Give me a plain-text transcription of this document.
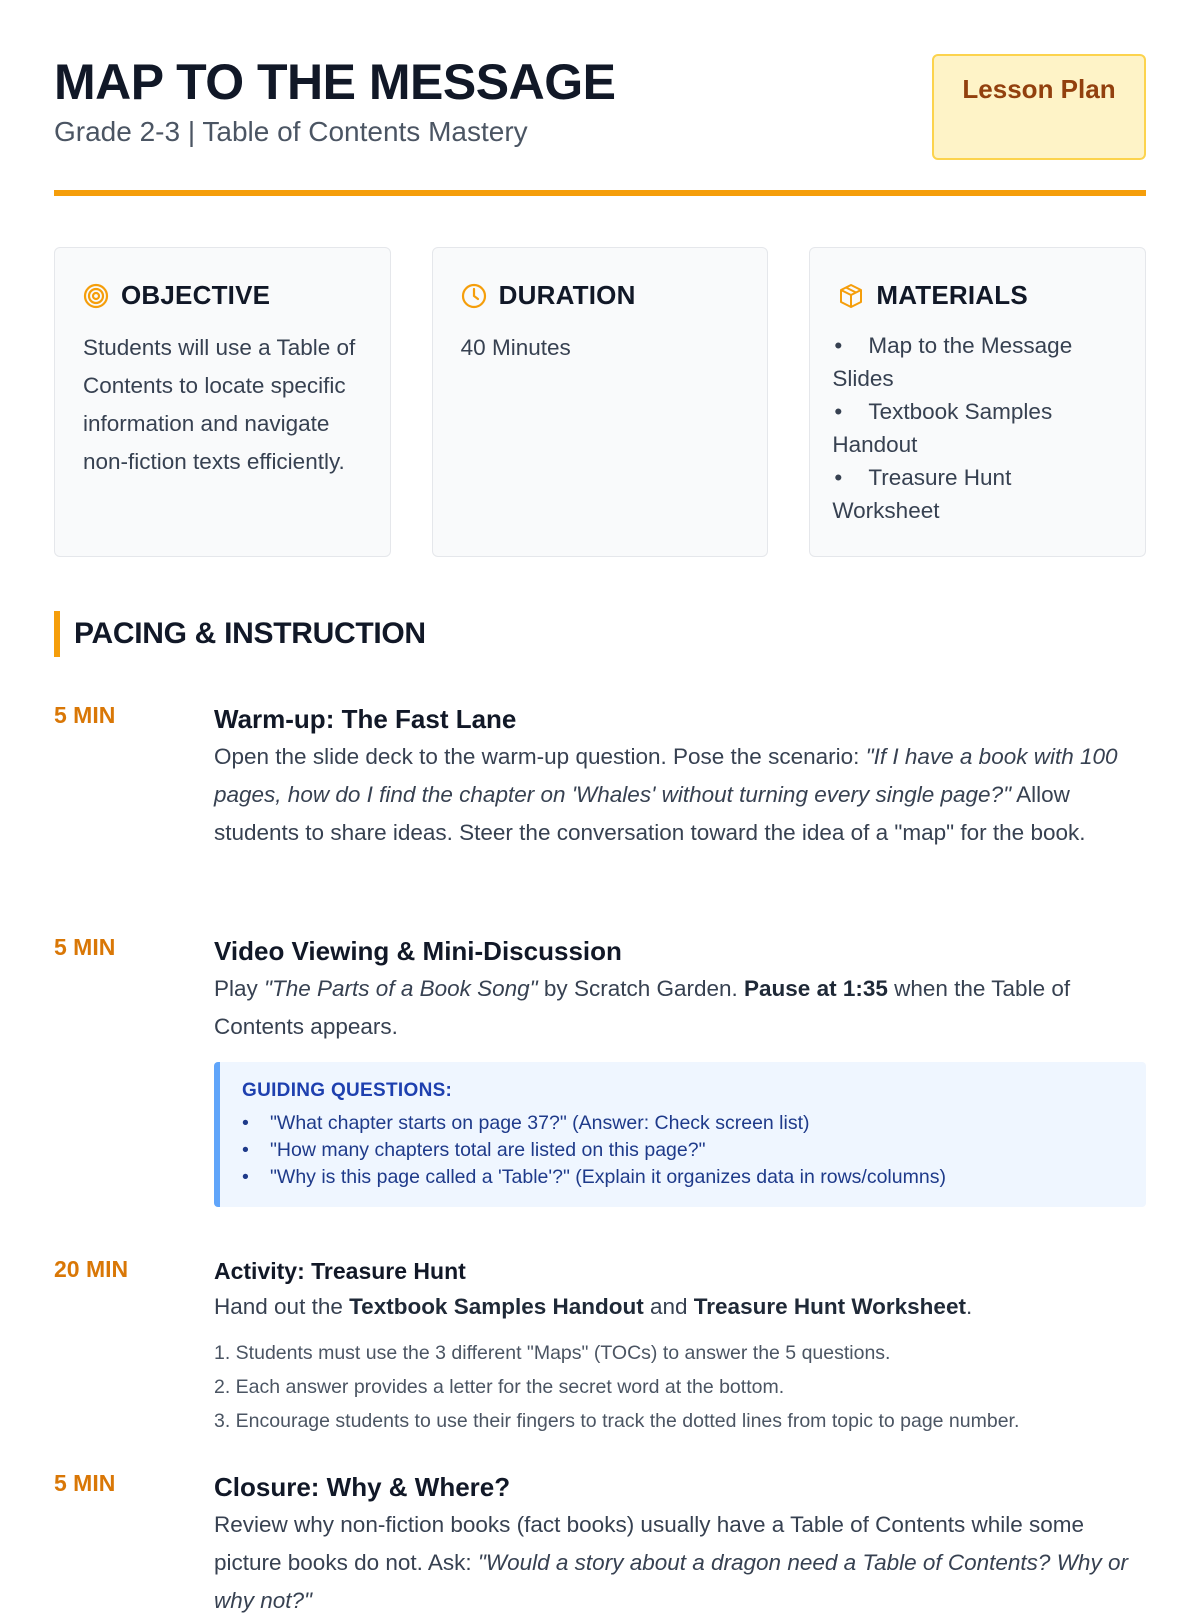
MAP TO THE MESSAGE
Grade 2-3 | Table of Contents Mastery
Lesson Plan
OBJECTIVE
Students will use a Table of Contents to locate specific information and navigate non-fiction texts efficiently.
DURATION
40 Minutes
MATERIALS
• Map to the Message Slides
• Textbook Samples Handout
• Treasure Hunt Worksheet
PACING & INSTRUCTION
5 MIN	Warm-up: The Fast Lane
Open the slide deck to the warm-up question. Pose the scenario: "If I have a book with 100 pages, how do I find the chapter on 'Whales' without turning every single page?" Allow students to share ideas. Steer the conversation toward the idea of a "map" for the book.
5 MIN	Video Viewing & Mini-Discussion
Play "The Parts of a Book Song" by Scratch Garden. Pause at 1:35 when the Table of Contents appears.
GUIDING QUESTIONS:
• "What chapter starts on page 37?" (Answer: Check screen list)
• "How many chapters total are listed on this page?"
• "Why is this page called a 'Table'?" (Explain it organizes data in rows/columns)
20 MIN	Activity: Treasure Hunt
Hand out the Textbook Samples Handout and Treasure Hunt Worksheet.
1. Students must use the 3 different "Maps" (TOCs) to answer the 5 questions.
2. Each answer provides a letter for the secret word at the bottom.
3. Encourage students to use their fingers to track the dotted lines from topic to page number.
5 MIN	Closure: Why & Where?
Review why non-fiction books (fact books) usually have a Table of Contents while some picture books do not. Ask: "Would a story about a dragon need a Table of Contents? Why or why not?"
